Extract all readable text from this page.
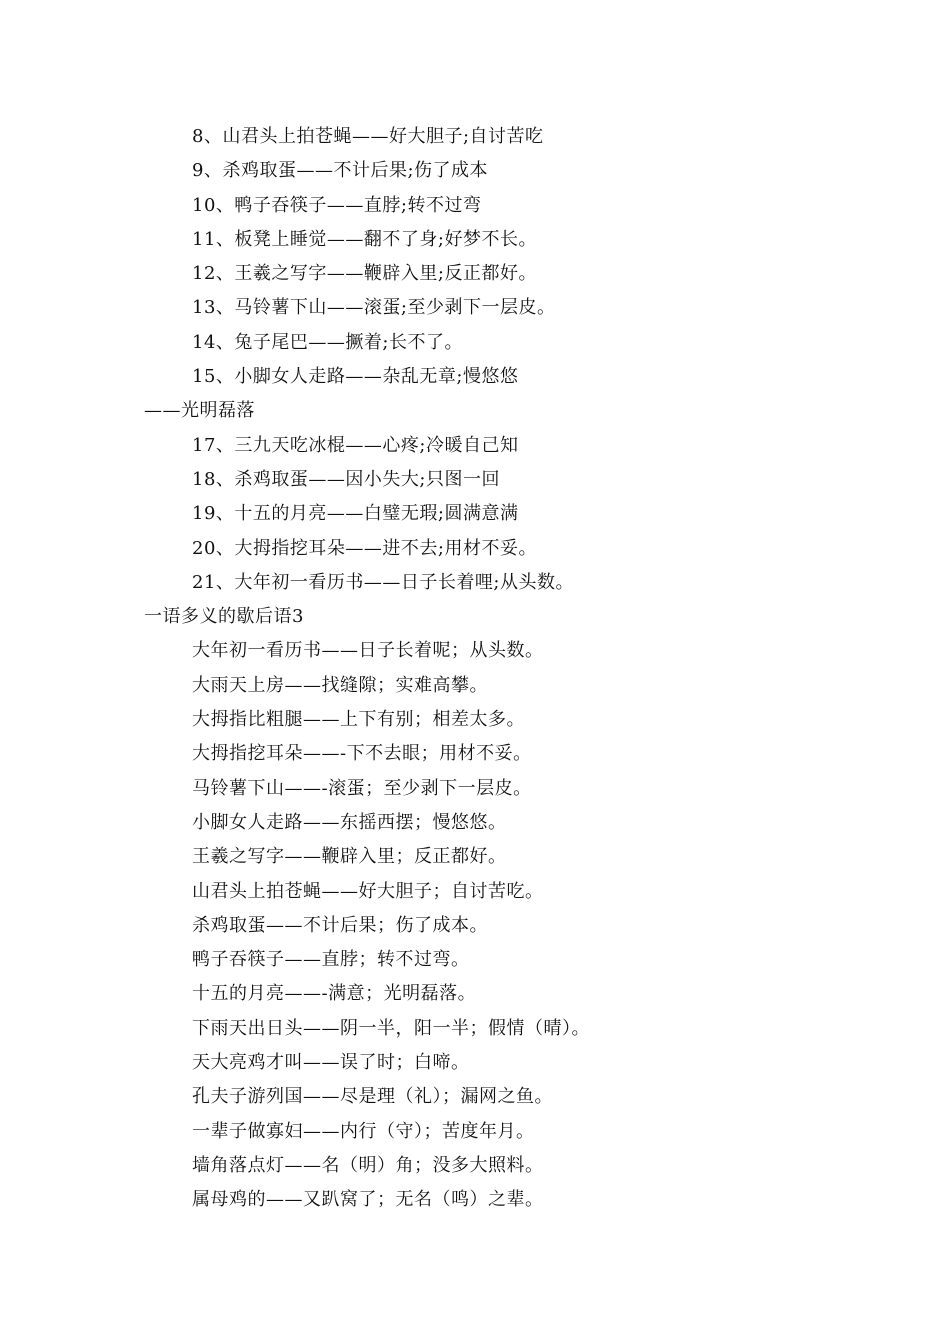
8、山君头上拍苍蝇——好大胆子;自讨苦吃
9、杀鸡取蛋——不计后果;伤了成本
10、鸭子吞筷子——直脖;转不过弯
11、板凳上睡觉——翻不了身;好梦不长。
12、王羲之写字——鞭辟入里;反正都好。
13、马铃薯下山——滚蛋;至少剥下一层皮。
14、兔子尾巴——撅着;长不了。
15、小脚女人走路——杂乱无章;慢悠悠
——光明磊落
17、三九天吃冰棍——心疼;冷暖自己知
18、杀鸡取蛋——因小失大;只图一回
19、十五的月亮——白璧无瑕;圆满意满
20、大拇指挖耳朵——进不去;用材不妥。
21、大年初一看历书——日子长着哩;从头数。
一语多义的歇后语3
大年初一看历书——日子长着呢；从头数。
大雨天上房——找缝隙；实难高攀。
大拇指比粗腿——上下有别；相差太多。
大拇指挖耳朵——-下不去眼；用材不妥。
马铃薯下山——-滚蛋；至少剥下一层皮。
小脚女人走路——东摇西摆；慢悠悠。
王羲之写字——鞭辟入里；反正都好。
山君头上拍苍蝇——好大胆子；自讨苦吃。
杀鸡取蛋——不计后果；伤了成本。
鸭子吞筷子——直脖；转不过弯。
十五的月亮——-满意；光明磊落。
下雨天出日头——阴一半，阳一半；假情（晴）。
天大亮鸡才叫——误了时；白啼。
孔夫子游列国——尽是理（礼）；漏网之鱼。
一辈子做寡妇——内行（守）；苦度年月。
墙角落点灯——名（明）角；没多大照料。
属母鸡的——又趴窝了；无名（鸣）之辈。
